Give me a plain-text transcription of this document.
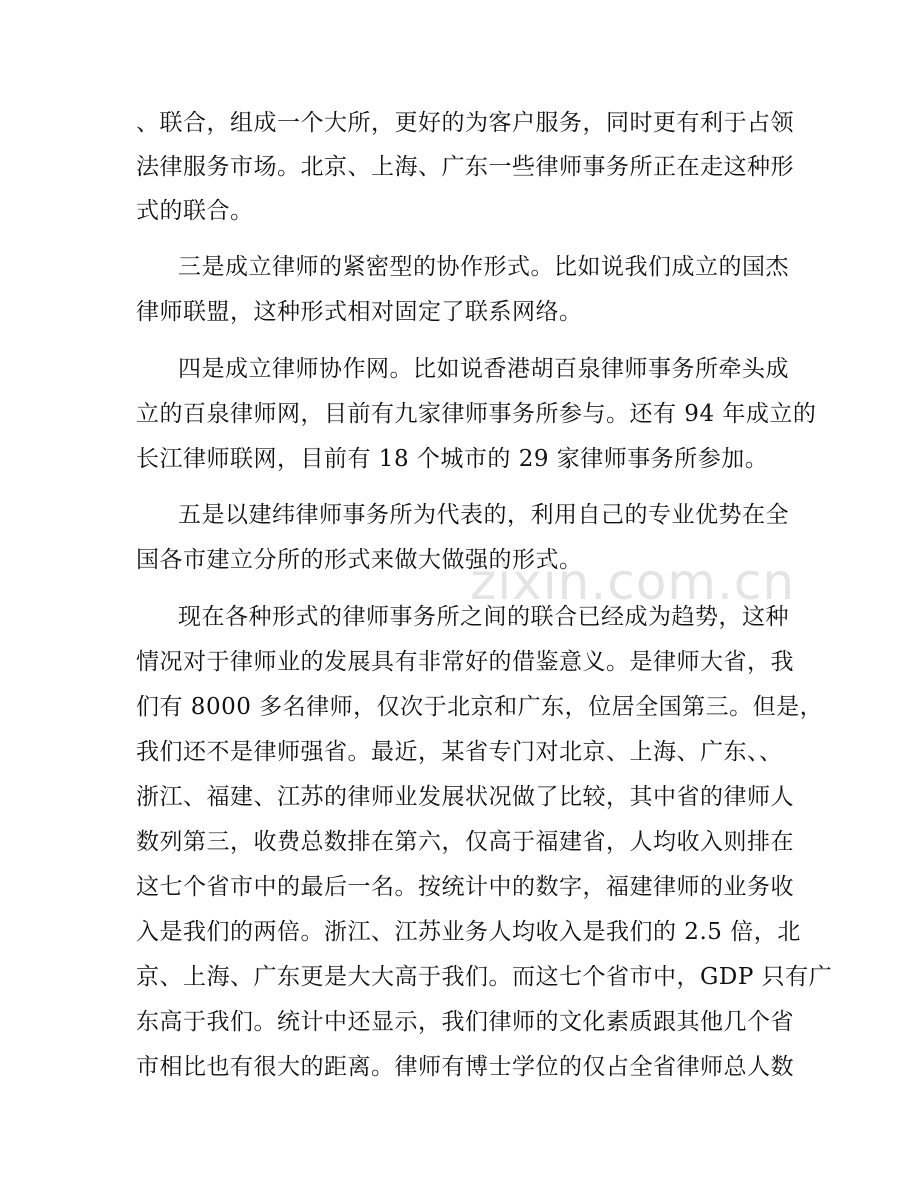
、联合，组成一个大所，更好的为客户服务，同时更有利于占领
法律服务市场。北京、上海、广东一些律师事务所正在走这种形
式的联合。
三是成立律师的紧密型的协作形式。比如说我们成立的国杰
律师联盟，这种形式相对固定了联系网络。
四是成立律师协作网。比如说香港胡百泉律师事务所牵头成
立的百泉律师网，目前有九家律师事务所参与。还有 94 年成立的
长江律师联网，目前有 18 个城市的 29 家律师事务所参加。
五是以建纬律师事务所为代表的，利用自己的专业优势在全
国各市建立分所的形式来做大做强的形式。
现在各种形式的律师事务所之间的联合已经成为趋势，这种
情况对于律师业的发展具有非常好的借鉴意义。是律师大省，我
们有 8000 多名律师，仅次于北京和广东，位居全国第三。但是，
我们还不是律师强省。最近，某省专门对北京、上海、广东、、
浙江、福建、江苏的律师业发展状况做了比较，其中省的律师人
数列第三，收费总数排在第六，仅高于福建省，人均收入则排在
这七个省市中的最后一名。按统计中的数字，福建律师的业务收
入是我们的两倍。浙江、江苏业务人均收入是我们的 2.5 倍，北
京、上海、广东更是大大高于我们。而这七个省市中，GDP 只有广
东高于我们。统计中还显示，我们律师的文化素质跟其他几个省
市相比也有很大的距离。律师有博士学位的仅占全省律师总人数
zixin.com.cn
